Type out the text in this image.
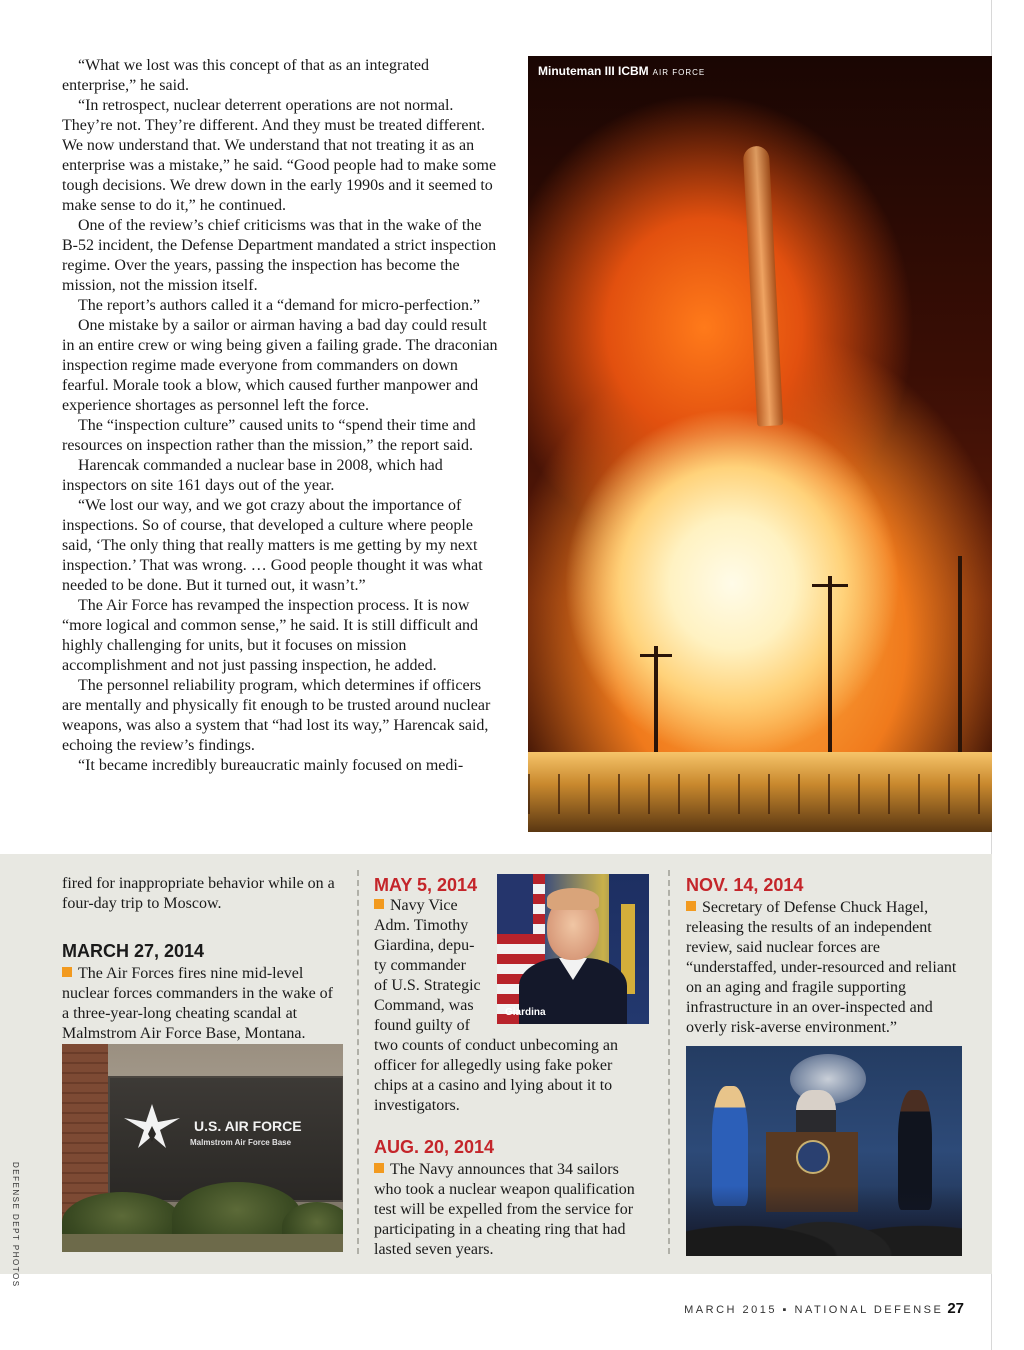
“What we lost was this concept of that as an integrated enterprise,” he said.

“In retrospect, nuclear deterrent operations are not normal. They’re not. They’re different. And they must be treated different. We now understand that. We understand that not treating it as an enterprise was a mistake,” he said. “Good people had to make some tough decisions. We drew down in the early 1990s and it seemed to make sense to do it,” he continued.

One of the review’s chief criticisms was that in the wake of the B-52 incident, the Defense Department mandated a strict inspection regime. Over the years, passing the inspection has become the mission, not the mission itself.

The report’s authors called it a “demand for micro-perfection.”

One mistake by a sailor or airman having a bad day could result in an entire crew or wing being given a failing grade. The draconian inspection regime made everyone from commanders on down fearful. Morale took a blow, which caused further manpower and experience shortages as personnel left the force.

The “inspection culture” caused units to “spend their time and resources on inspection rather than the mission,” the report said.

Harencak commanded a nuclear base in 2008, which had inspectors on site 161 days out of the year.

“We lost our way, and we got crazy about the importance of inspections. So of course, that developed a culture where people said, ‘The only thing that really matters is me getting by my next inspection.’ That was wrong. … Good people thought it was what needed to be done. But it turned out, it wasn’t.”

The Air Force has revamped the inspection process. It is now “more logical and common sense,” he said. It is still difficult and highly challenging for units, but it focuses on mission accomplishment and not just passing inspection, he added.

The personnel reliability program, which determines if officers are mentally and physically fit enough to be trusted around nuclear weapons, was also a system that “had lost its way,” Harencak said, echoing the review’s findings.

“It became incredibly bureaucratic mainly focused on medi-

Minuteman III ICBM AIR FORCE

fired for inappropriate behavior while on a four-day trip to Moscow.

MARCH 27, 2014

The Air Forces fires nine mid-level nuclear forces commanders in the wake of a three-year-long cheating scandal at Malmstrom Air Force Base, Montana.

U.S. AIR FORCE
Malmstrom Air Force Base

MAY 5, 2014

Navy Vice

Adm. Timothy

Giardina, depu-

ty commander

of U.S. Strategic

Command, was

found guilty of

two counts of conduct unbecoming an officer for allegedly using fake poker chips at a casino and lying about it to investigators.

AUG. 20, 2014

The Navy announces that 34 sailors who took a nuclear weapon qualification test will be expelled from the service for participating in a cheating ring that had lasted seven years.

Giardina

NOV. 14, 2014

Secretary of Defense Chuck Hagel, releasing the results of an independent review, said nuclear forces are “understaffed, under-resourced and reliant on an aging and fragile supporting infrastructure in an over-inspected and overly risk-averse environment.”

DEFENSE DEPT PHOTOS
MARCH 2015 ▪ NATIONAL DEFENSE 27
